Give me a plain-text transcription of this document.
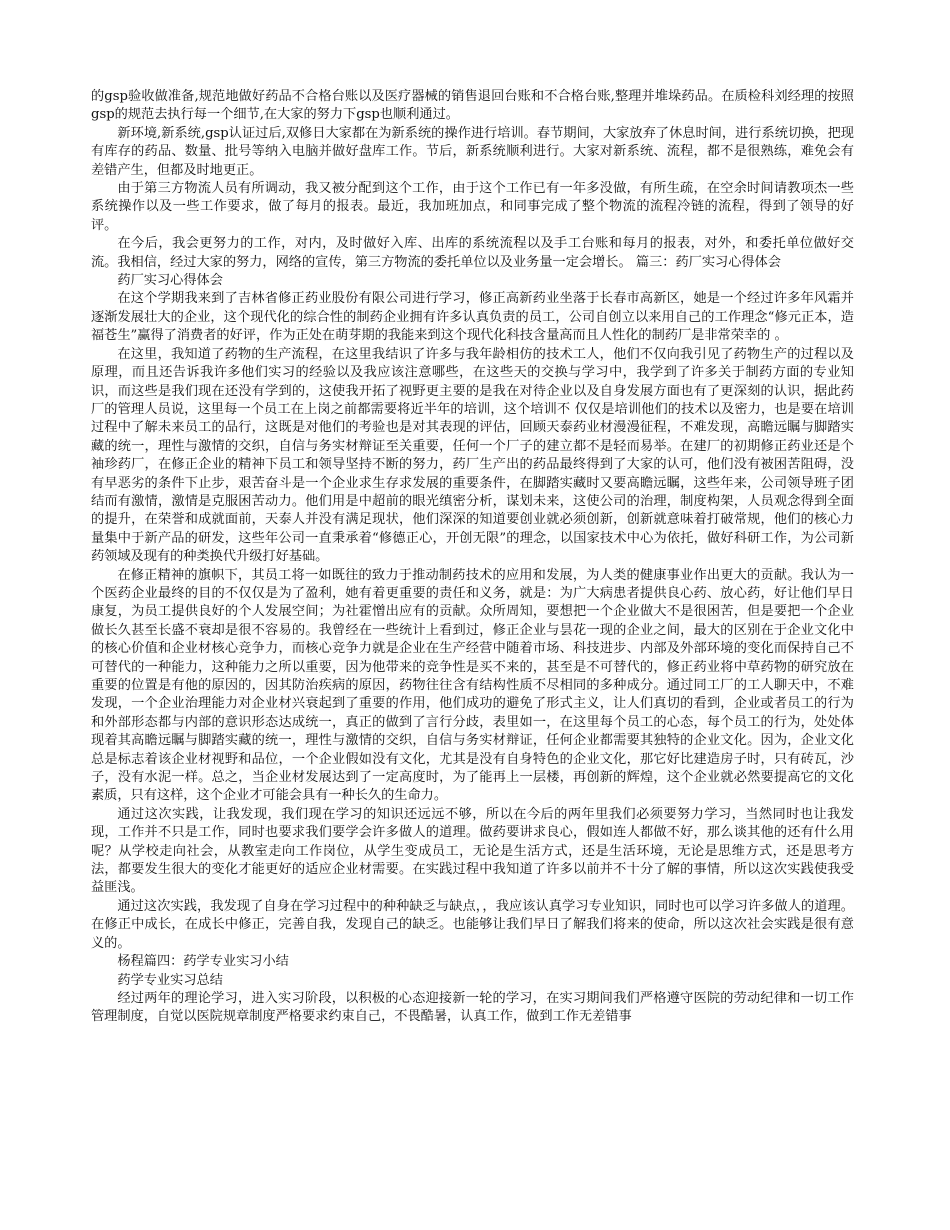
的gsp验收做准备,规范地做好药品不合格台账以及医疗器械的销售退回台账和不合格台账,整理并堆垛药品。在质检科刘经理的按照gsp的规范去执行每一个细节,在大家的努力下gsp也顺利通过。

新环境,新系统,gsp认证过后,双修日大家都在为新系统的操作进行培训。春节期间，大家放弃了休息时间，进行系统切换，把现有库存的药品、数量、批号等纳入电脑并做好盘库工作。节后，新系统顺利进行。大家对新系统、流程，都不是很熟练，难免会有差错产生，但都及时地更正。

由于第三方物流人员有所调动，我又被分配到这个工作，由于这个工作已有一年多没做，有所生疏，在空余时间请教项杰一些系统操作以及一些工作要求，做了每月的报表。最近，我加班加点，和同事完成了整个物流的流程冷链的流程，得到了领导的好评。

在今后，我会更努力的工作，对内，及时做好入库、出库的系统流程以及手工台账和每月的报表，对外，和委托单位做好交流。我相信，经过大家的努力，网络的宣传，第三方物流的委托单位以及业务量一定会增长。 篇三：药厂实习心得体会

药厂实习心得体会

在这个学期我来到了吉林省修正药业股份有限公司进行学习，修正高新药业坐落于长春市高新区，她是一个经过许多年风霜并逐渐发展壮大的企业，这个现代化的综合性的制药企业拥有许多认真负责的员工，公司自创立以来用自己的工作理念“修元正本，造福苍生”赢得了消费者的好评，作为正处在萌芽期的我能来到这个现代化科技含量高而且人性化的制药厂是非常荣幸的 。

在这里，我知道了药物的生产流程，在这里我结识了许多与我年龄相仿的技术工人，他们不仅向我引见了药物生产的过程以及原理，而且还告诉我许多他们实习的经验以及我应该注意哪些，在这些天的交换与学习中，我学到了许多关于制药方面的专业知识，而这些是我们现在还没有学到的，这使我开拓了视野更主要的是我在对待企业以及自身发展方面也有了更深刻的认识，据此药厂的管理人员说，这里每一个员工在上岗之前都需要将近半年的培训，这个培训不 仅仅是培训他们的技术以及密力，也是要在培训过程中了解未来员工的品行，这既是对他们的考验也是对其表现的评估，回顾天泰药业材漫漫征程，不难发现，高瞻远瞩与脚踏实藏的统一，理性与激情的交织，自信与务实材辩证至关重要，任何一个厂子的建立都不是轻而易举。在建厂的初期修正药业还是个袖珍药厂，在修正企业的精神下员工和领导坚持不断的努力，药厂生产出的药品最终得到了大家的认可，他们没有被困苦阻碍，没有早恶劣的条件下止步，艰苦奋斗是一个企业求生存求发展的重要条件，在脚踏实藏时又要高瞻远瞩，这些年来，公司领导班子团结而有激情，激情是克服困苦动力。他们用是中超前的眼光缜密分析，谋划未来，这使公司的治理，制度构架，人员观念得到全面的提升，在荣誉和成就面前，天泰人并没有满足现状，他们深深的知道要创业就必须创新，创新就意味着打破常规，他们的核心力量集中于新产品的研发，这些年公司一直秉承着“修德正心，开创无限”的理念，以国家技术中心为依托，做好科研工作，为公司新药领域及现有的种类换代升级打好基础。

在修正精神的旗帜下，其员工将一如既往的致力于推动制药技术的应用和发展，为人类的健康事业作出更大的贡献。我认为一个医药企业最终的目的不仅仅是为了盈利，她有着更重要的责任和义务，就是：为广大病患者提供良心药、放心药，好让他们早日康复，为员工提供良好的个人发展空间；为社霍憎出应有的贡献。众所周知，要想把一个企业做大不是很困苦，但是要把一个企业做长久甚至长盛不衰却是很不容易的。我曾经在一些统计上看到过，修正企业与昙花一现的企业之间，最大的区别在于企业文化中的核心价值和企业材核心竞争力，而核心竞争力就是企业在生产经营中随着市场、科技进步、内部及外部环境的变化而保持自己不可替代的一种能力，这种能力之所以重要，因为他带来的竞争性是买不来的，甚至是不可替代的，修正药业将中草药物的研究放在重要的位置是有他的原因的，因其防治疾病的原因，药物往往含有结构性质不尽相同的多种成分。通过同工厂的工人聊天中，不难发现，一个企业治理能力对企业材兴衰起到了重要的作用，他们成功的避免了形式主义，让人们真切的看到，企业或者员工的行为和外部形态都与内部的意识形态达成统一，真正的做到了言行分歧，表里如一，在这里每个员工的心态，每个员工的行为，处处体现着其高瞻远瞩与脚踏实藏的统一，理性与激情的交织，自信与务实材辩证，任何企业都需要其独特的企业文化。因为，企业文化总是标志着该企业材视野和品位，一个企业假如没有文化，尤其是没有自身特色的企业文化，那它好比建造房子时，只有砖瓦，沙子，没有水泥一样。总之，当企业材发展达到了一定高度时，为了能再上一层楼，再创新的辉煌，这个企业就必然要提高它的文化素质，只有这样，这个企业才可能会具有一种长久的生命力。

通过这次实践，让我发现，我们现在学习的知识还远远不够，所以在今后的两年里我们必须要努力学习，当然同时也让我发现，工作并不只是工作，同时也要求我们要学会许多做人的道理。做药要讲求良心，假如连人都做不好，那么谈其他的还有什么用呢？从学校走向社会，从教室走向工作岗位，从学生变成员工，无论是生活方式，还是生活环境，无论是思维方式，还是思考方法，都要发生很大的变化才能更好的适应企业材需要。在实践过程中我知道了许多以前并不十分了解的事情，所以这次实践使我受益匪浅。

通过这次实践，我发现了自身在学习过程中的种种缺乏与缺点，，我应该认真学习专业知识，同时也可以学习许多做人的道理。在修正中成长，在成长中修正，完善自我，发现自己的缺乏。也能够让我们早日了解我们将来的使命，所以这次社会实践是很有意义的。

杨程篇四：药学专业实习小结

药学专业实习总结

经过两年的理论学习，进入实习阶段，以积极的心态迎接新一轮的学习，在实习期间我们严格遵守医院的劳动纪律和一切工作管理制度，自觉以医院规章制度严格要求约束自己，不畏酷暑，认真工作，做到工作无差错事
